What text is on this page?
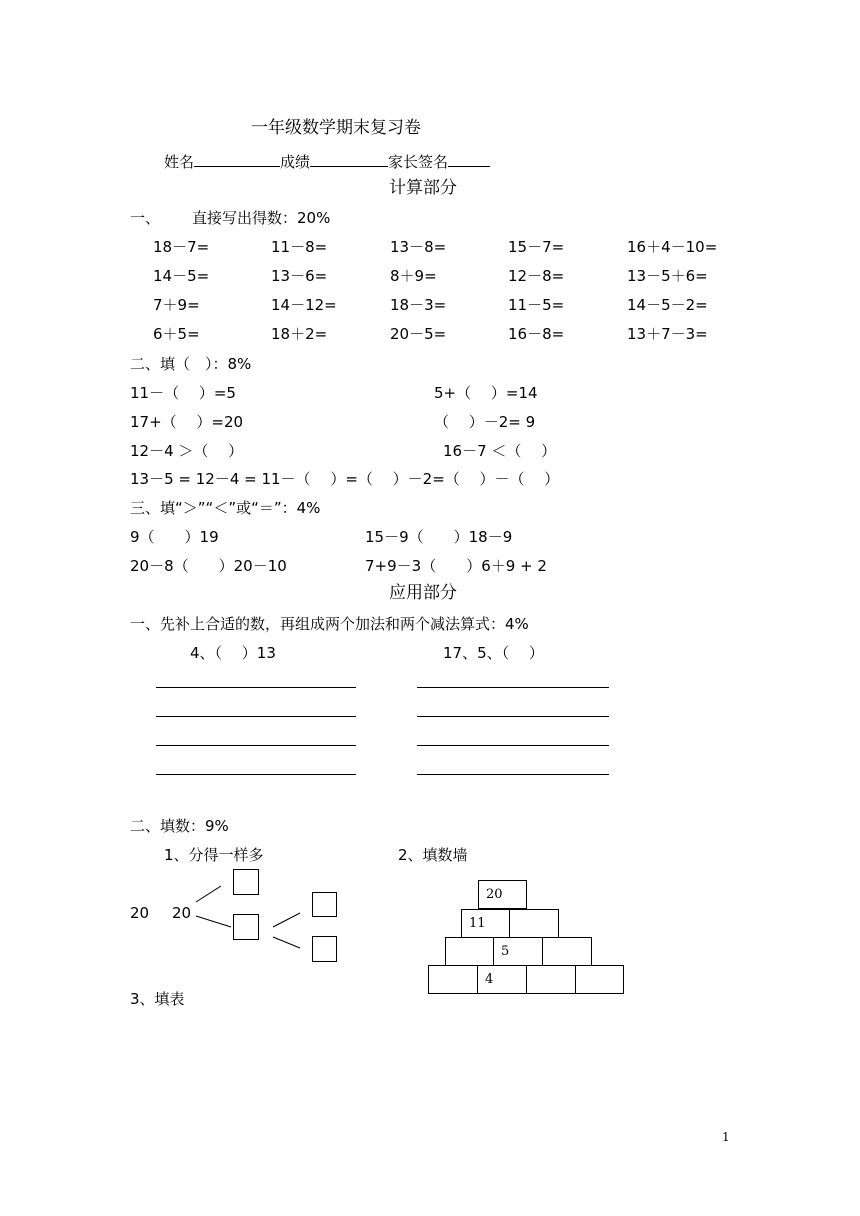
一年级数学期末复习卷
姓名	成绩	家长签名
计算部分
一、 直接写出得数：20%
18－7=	11－8=	13－8=	15－7=	16＋4－10=
14－5=	13－6=	8＋9=	12－8=	13－5＋6=
7＋9=	14－12=	18－3=	11－5=	14－5－2=
6＋5=	18＋2=	20－5=	16－8=	13＋7－3=
二、填（　）：8%
11－（　 ）=5	5+（　 ）=14
17+（　 ）=20	（　 ）－2= 9
12－4 ＞（　 ）	16－7 ＜（　 ）
13－5 = 12－4 = 11－（　 ）=（　 ）－2=（　 ）－（　 ）
三、填“＞”“＜”或“＝”：4%
9（　　）19	15－9（　　）18－9
20－8（　　）20－10	7+9－3（　　）6＋9 + 2
应用部分
一、先补上合适的数，再组成两个加法和两个减法算式：4%
4、（　 ）13	17、5、（　 ）
二、填数：9%
1、分得一样多	2、填数墙
20 20
20
11
5
4
3、填表
1
